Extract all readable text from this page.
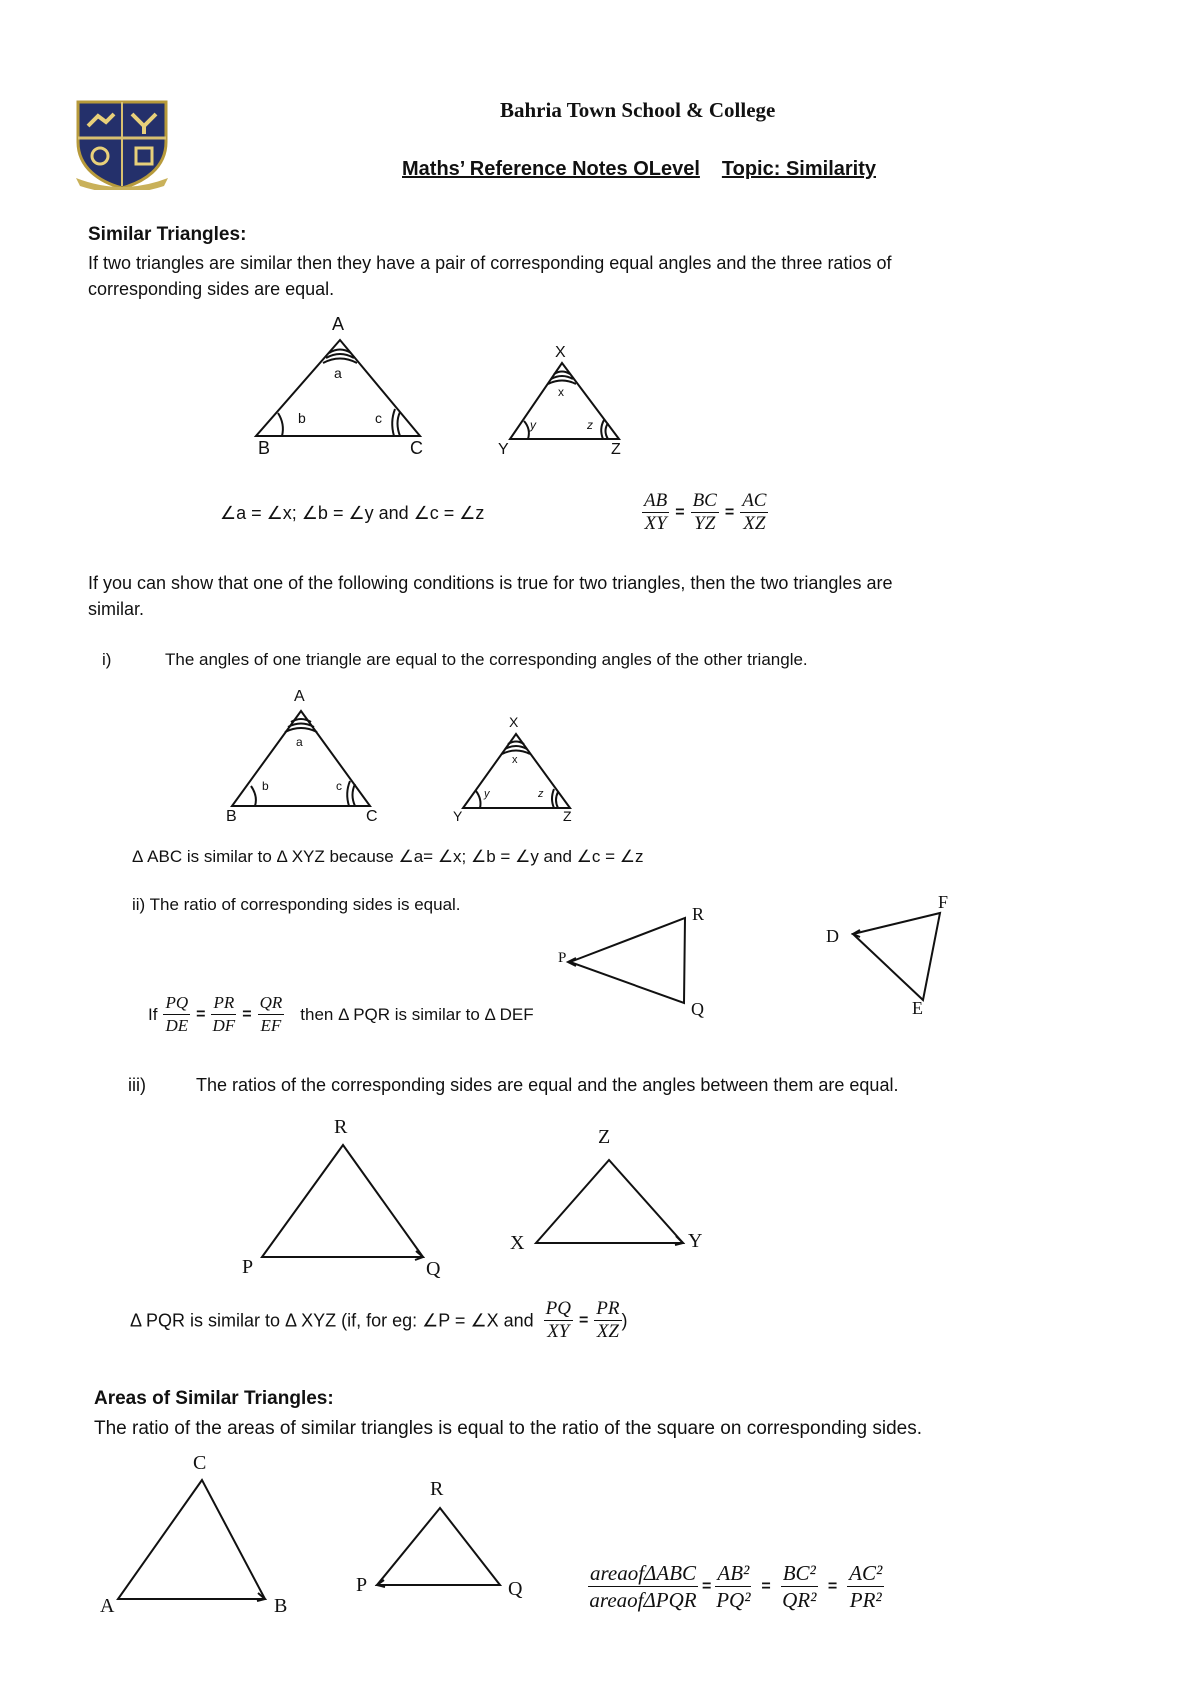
Bahria Town School & College
Maths’ Reference Notes OLevel Topic: Similarity
Similar Triangles:
If two triangles are similar then they have a pair of corresponding equal angles and the three ratios of
corresponding sides are equal.
A
B	C
a
b	c
X
Y	Z
x
y	z
∠a = ∠x; ∠b = ∠y and ∠c = ∠z	$\frac{AB}{XY} = \frac{BC}{YZ} = \frac{AC}{XZ}$
If you can show that one of the following conditions is true for two triangles, then the two triangles are
similar.
i)	The angles of one triangle are equal to the corresponding angles of the other triangle.
A
B	C
a
b	c
X
Y	Z
x
y	z
Δ ABC is similar to Δ XYZ because ∠a= ∠x; ∠b = ∠y and ∠c = ∠z
ii) The ratio of corresponding sides is equal.	R
P
Q
F
D
E
If $\frac{PQ}{DE} = \frac{PR}{DF} = \frac{QR}{EF}$ then Δ PQR is similar to Δ DEF
iii)	The ratios of the corresponding sides are equal and the angles between them are equal.
R
P	Q
Z
X	Y
Δ PQR is similar to Δ XYZ (if, for eg: ∠P = ∠X and $\frac{PQ}{XY} = \frac{PR}{XZ}$ )
Areas of Similar Triangles:
The ratio of the areas of similar triangles is equal to the ratio of the square on corresponding sides.
C
A	B
R
P	Q	$\frac{\text{areaofΔABC}}{\text{areaofΔPQR}} = \frac{\text{AB²}}{\text{PQ²}} = \frac{\text{BC²}}{\text{QR²}} = \frac{\text{AC²}}{\text{PR²}}$
